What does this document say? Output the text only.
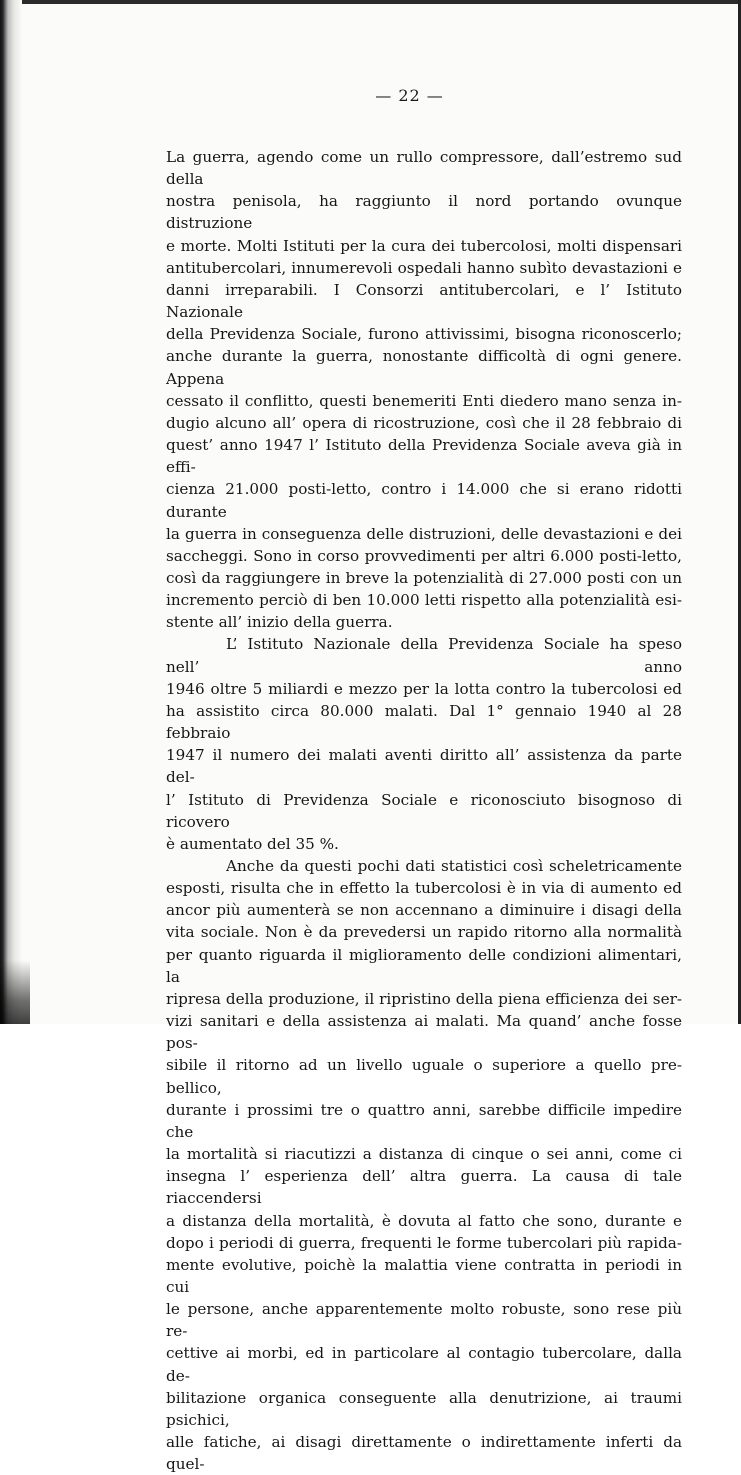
— 22 —

La guerra, agendo come un rullo compressore, dall’estremo sud della

nostra penisola, ha raggiunto il nord portando ovunque distruzione

e morte. Molti Istituti per la cura dei tubercolosi, molti dispensari

antitubercolari, innumerevoli ospedali hanno subìto devastazioni e

danni irreparabili. I Consorzi antitubercolari, e l’ Istituto Nazionale

della Previdenza Sociale, furono attivissimi, bisogna riconoscerlo;

anche durante la guerra, nonostante difficoltà di ogni genere. Appena

cessato il conflitto, questi benemeriti Enti diedero mano senza in-

dugio alcuno all’ opera di ricostruzione, così che il 28 febbraio di

quest’ anno 1947 l’ Istituto della Previdenza Sociale aveva già in effi-

cienza 21.000 posti-letto, contro i 14.000 che si erano ridotti durante

la guerra in conseguenza delle distruzioni, delle devastazioni e dei

saccheggi. Sono in corso provvedimenti per altri 6.000 posti-letto,

così da raggiungere in breve la potenzialità di 27.000 posti con un

incremento perciò di ben 10.000 letti rispetto alla potenzialità esi-

stente all’ inizio della guerra.

L’ Istituto Nazionale della Previdenza Sociale ha speso nell’ anno

1946 oltre 5 miliardi e mezzo per la lotta contro la tubercolosi ed

ha assistito circa 80.000 malati. Dal 1° gennaio 1940 al 28 febbraio

1947 il numero dei malati aventi diritto all’ assistenza da parte del-

l’ Istituto di Previdenza Sociale e riconosciuto bisognoso di ricovero

è aumentato del 35 %.

Anche da questi pochi dati statistici così scheletricamente

esposti, risulta che in effetto la tubercolosi è in via di aumento ed

ancor più aumenterà se non accennano a diminuire i disagi della

vita sociale. Non è da prevedersi un rapido ritorno alla normalità

per quanto riguarda il miglioramento delle condizioni alimentari, la

ripresa della produzione, il ripristino della piena efficienza dei ser-

vizi sanitari e della assistenza ai malati. Ma quand’ anche fosse pos-

sibile il ritorno ad un livello uguale o superiore a quello pre-bellico,

durante i prossimi tre o quattro anni, sarebbe difficile impedire che

la mortalità si riacutizzi a distanza di cinque o sei anni, come ci

insegna l’ esperienza dell’ altra guerra. La causa di tale riaccendersi

a distanza della mortalità, è dovuta al fatto che sono, durante e

dopo i periodi di guerra, frequenti le forme tubercolari più rapida-

mente evolutive, poichè la malattia viene contratta in periodi in cui

le persone, anche apparentemente molto robuste, sono rese più re-

cettive ai morbi, ed in particolare al contagio tubercolare, dalla de-

bilitazione organica conseguente alla denutrizione, ai traumi psichici,

alle fatiche, ai disagi direttamente o indirettamente inferti da quel-
